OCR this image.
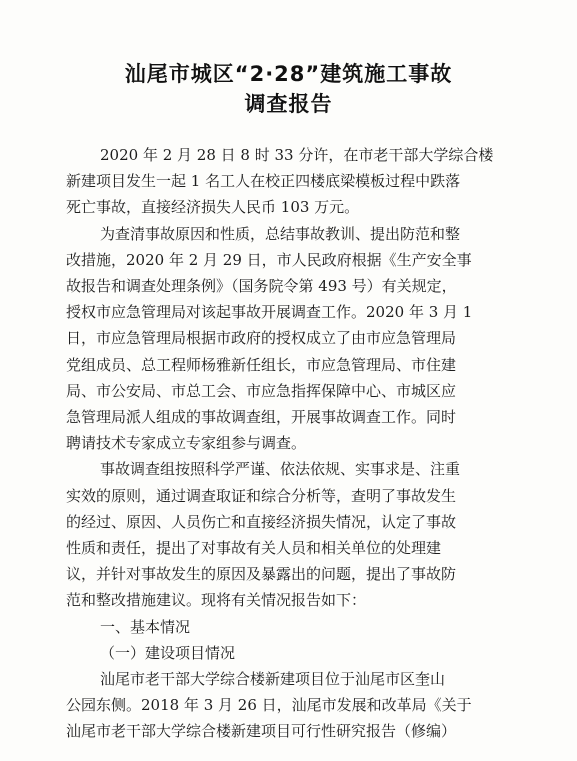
汕尾市城区“2·28”建筑施工事故
调查报告
2020 年 2 月 28 日 8 时 33 分许，在市老干部大学综合楼
新建项目发生一起 1 名工人在校正四楼底梁模板过程中跌落
死亡事故，直接经济损失人民币 103 万元。
为查清事故原因和性质，总结事故教训、提出防范和整
改措施，2020 年 2 月 29 日，市人民政府根据《生产安全事
故报告和调查处理条例》（国务院令第 493 号）有关规定，
授权市应急管理局对该起事故开展调查工作。2020 年 3 月 1
日，市应急管理局根据市政府的授权成立了由市应急管理局
党组成员、总工程师杨雅新任组长，市应急管理局、市住建
局、市公安局、市总工会、市应急指挥保障中心、市城区应
急管理局派人组成的事故调查组，开展事故调查工作。同时
聘请技术专家成立专家组参与调查。
事故调查组按照科学严谨、依法依规、实事求是、注重
实效的原则，通过调查取证和综合分析等，查明了事故发生
的经过、原因、人员伤亡和直接经济损失情况，认定了事故
性质和责任，提出了对事故有关人员和相关单位的处理建
议，并针对事故发生的原因及暴露出的问题，提出了事故防
范和整改措施建议。现将有关情况报告如下：
一、基本情况
（一）建设项目情况
汕尾市老干部大学综合楼新建项目位于汕尾市区奎山
公园东侧。2018 年 3 月 26 日，汕尾市发展和改革局《关于
汕尾市老干部大学综合楼新建项目可行性研究报告（修编）
